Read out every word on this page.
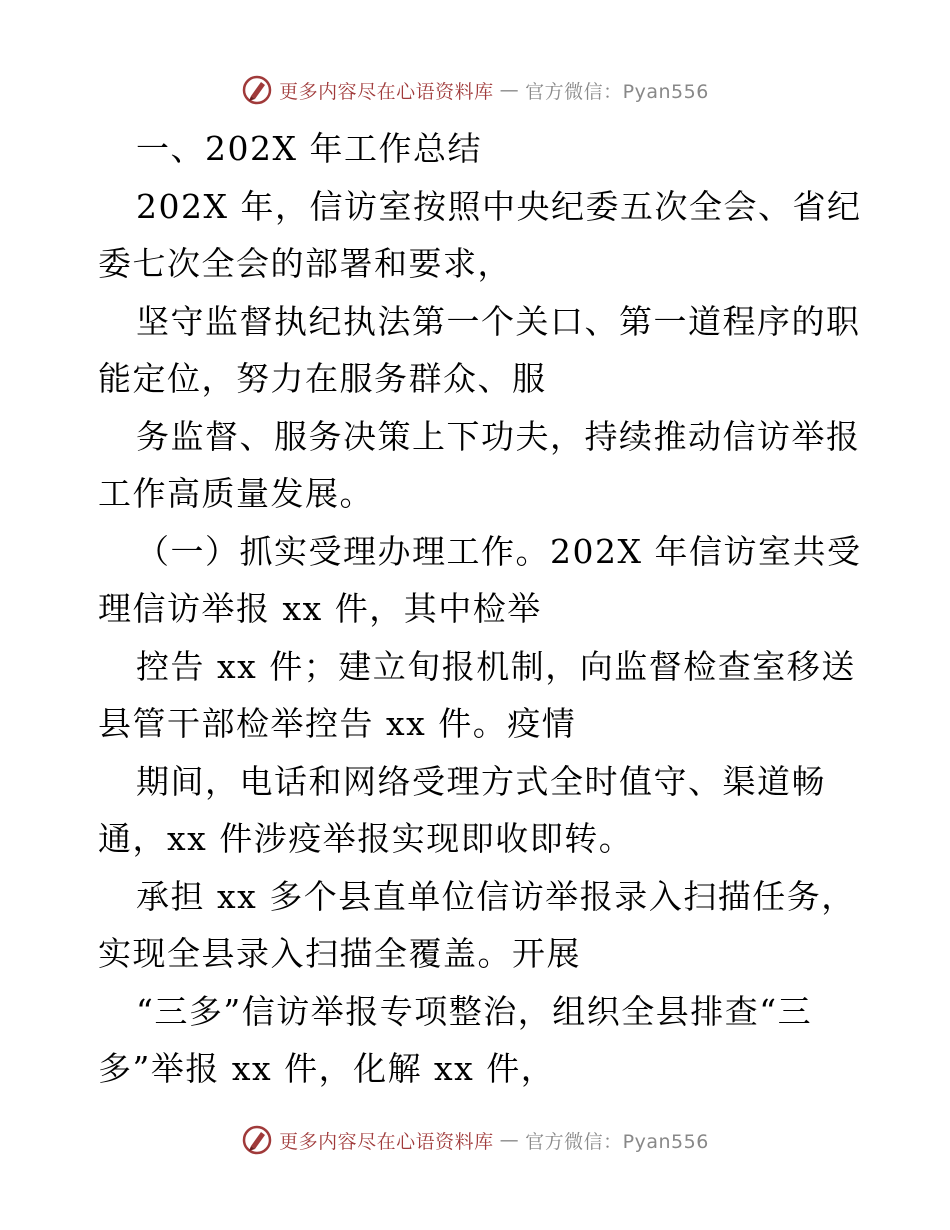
更多内容尽在心语资料库 — 官方微信：Pyan556
一、202X 年工作总结
202X 年，信访室按照中央纪委五次全会、省纪
委七次全会的部署和要求，
坚守监督执纪执法第一个关口、第一道程序的职
能定位，努力在服务群众、服
务监督、服务决策上下功夫，持续推动信访举报
工作高质量发展。
（一）抓实受理办理工作。202X 年信访室共受
理信访举报 xx 件，其中检举
控告 xx 件；建立旬报机制，向监督检查室移送
县管干部检举控告 xx 件。疫情
期间，电话和网络受理方式全时值守、渠道畅
通，xx 件涉疫举报实现即收即转。
承担 xx 多个县直单位信访举报录入扫描任务，
实现全县录入扫描全覆盖。开展
“三多”信访举报专项整治，组织全县排查“三
多”举报 xx 件，化解 xx 件，
更多内容尽在心语资料库 — 官方微信：Pyan556
